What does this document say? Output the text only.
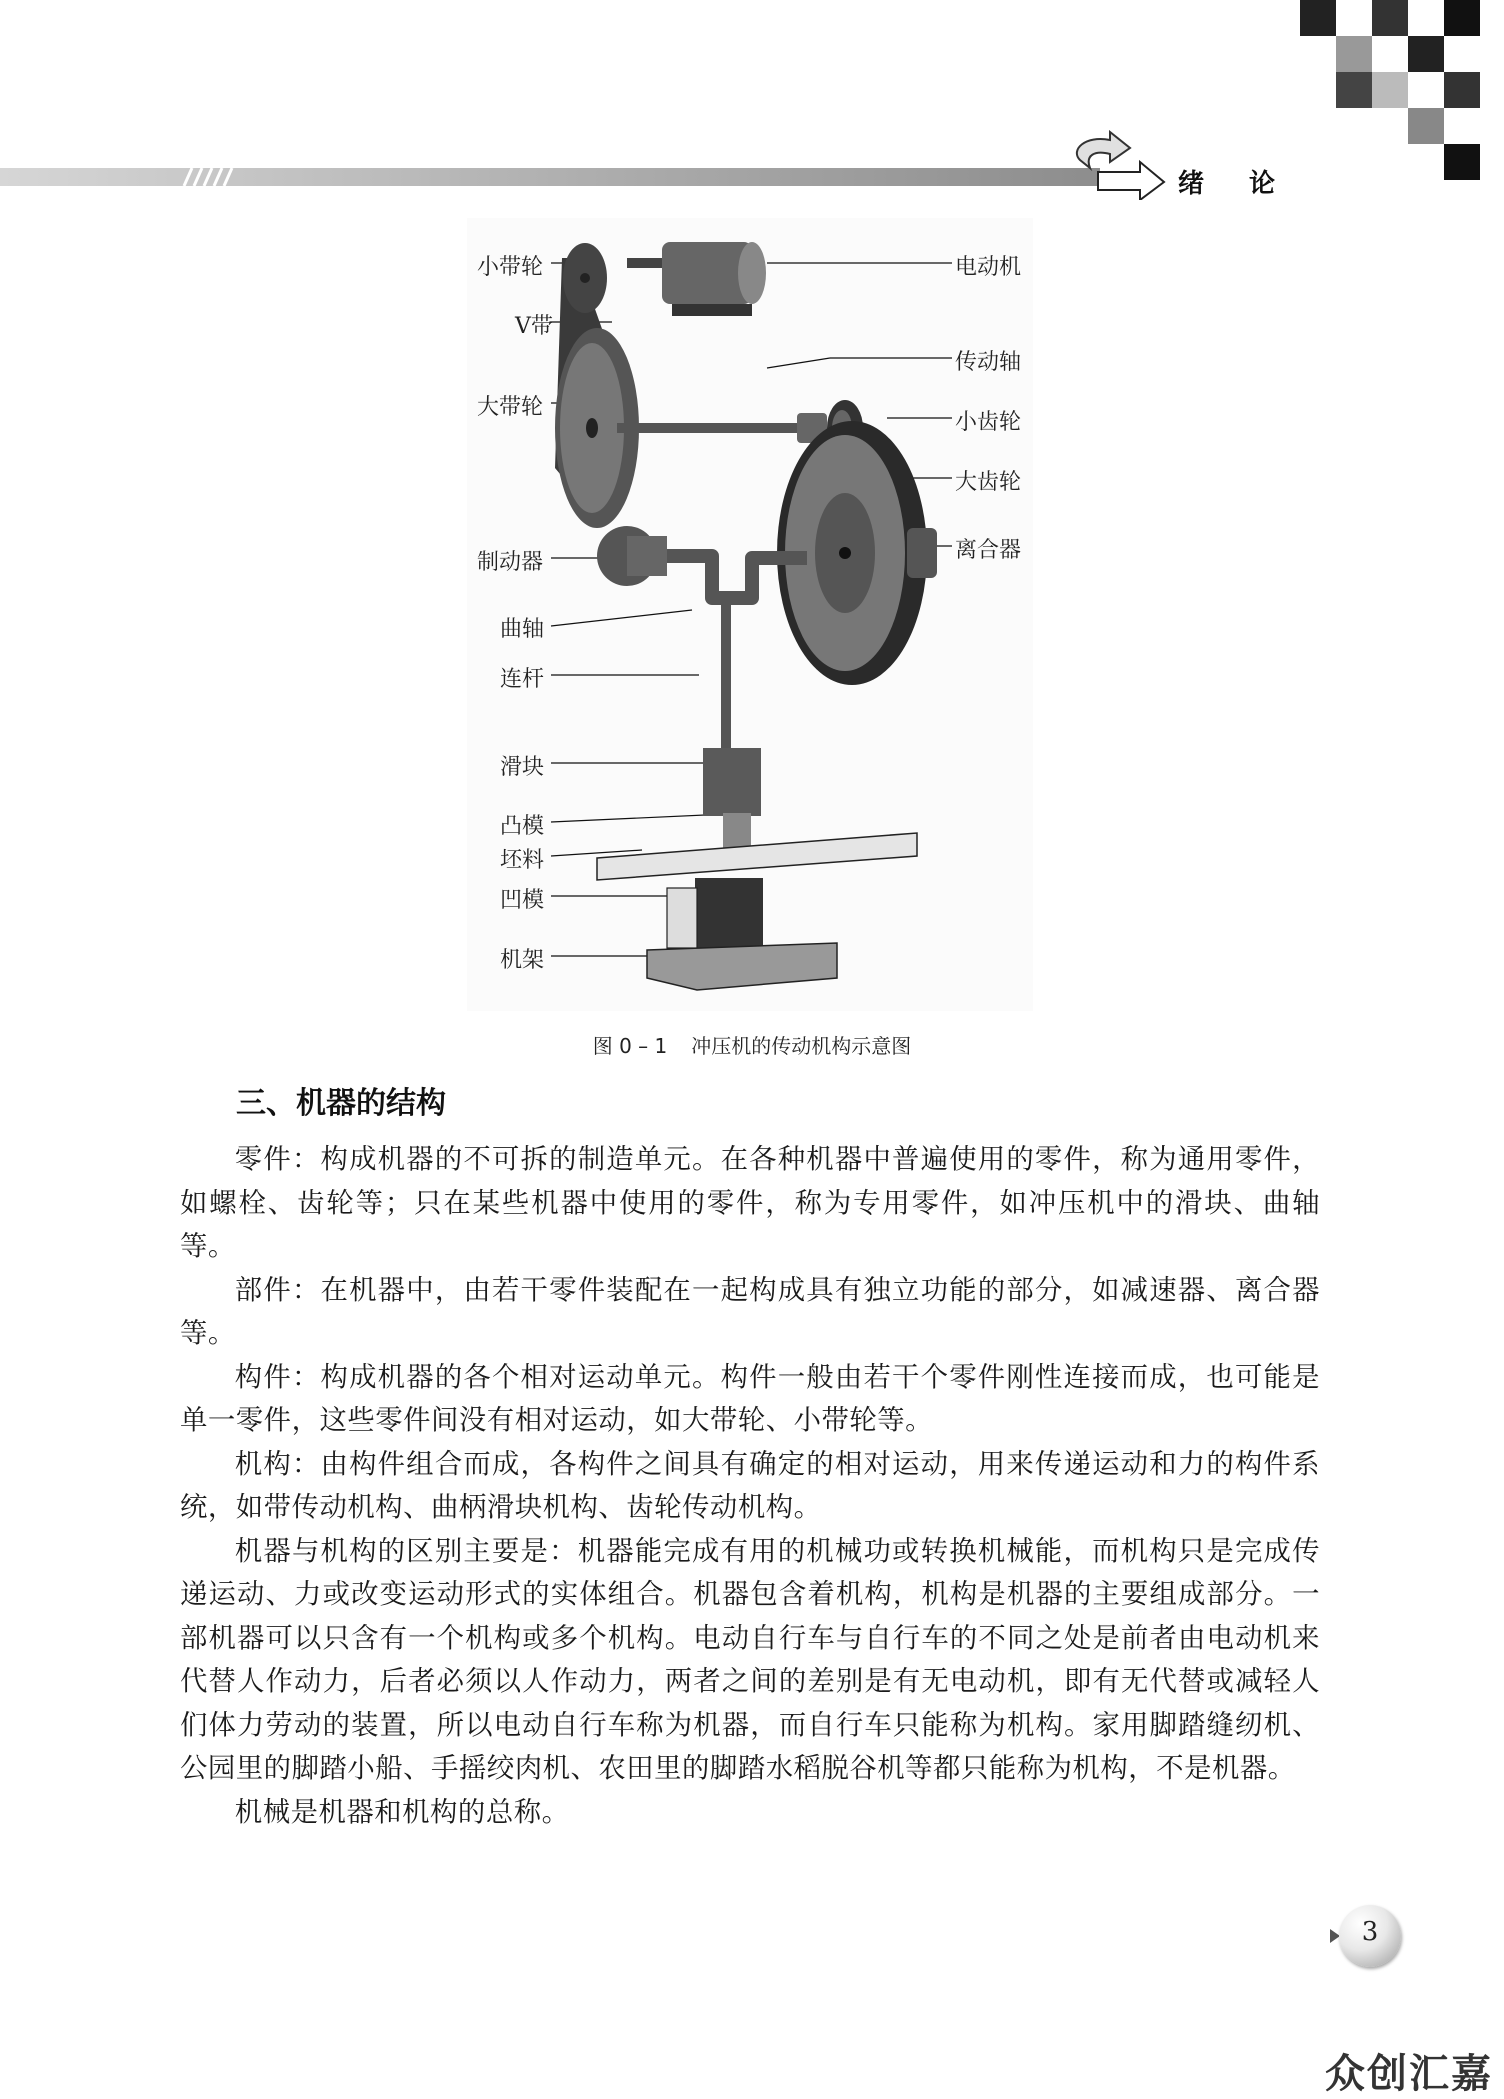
绪 论
小带轮
V带
大带轮
制动器
曲轴
连杆
滑块
凸模
坯料
凹模
机架
电动机
传动轴
小齿轮
大齿轮
离合器
图 0 – 1 冲压机的传动机构示意图
三、机器的结构

零件：构成机器的不可拆的制造单元。在各种机器中普遍使用的零件，称为通用零件，如螺栓、齿轮等；只在某些机器中使用的零件，称为专用零件，如冲压机中的滑块、曲轴等。

部件：在机器中，由若干零件装配在一起构成具有独立功能的部分，如减速器、离合器等。

构件：构成机器的各个相对运动单元。构件一般由若干个零件刚性连接而成，也可能是单一零件，这些零件间没有相对运动，如大带轮、小带轮等。

机构：由构件组合而成，各构件之间具有确定的相对运动，用来传递运动和力的构件系统，如带传动机构、曲柄滑块机构、齿轮传动机构。

机器与机构的区别主要是：机器能完成有用的机械功或转换机械能，而机构只是完成传递运动、力或改变运动形式的实体组合。机器包含着机构，机构是机器的主要组成部分。一部机器可以只含有一个机构或多个机构。电动自行车与自行车的不同之处是前者由电动机来代替人作动力，后者必须以人作动力，两者之间的差别是有无电动机，即有无代替或减轻人们体力劳动的装置，所以电动自行车称为机器，而自行车只能称为机构。家用脚踏缝纫机、公园里的脚踏小船、手摇绞肉机、农田里的脚踏水稻脱谷机等都只能称为机构，不是机器。

机械是机器和机构的总称。

3
众创汇嘉
